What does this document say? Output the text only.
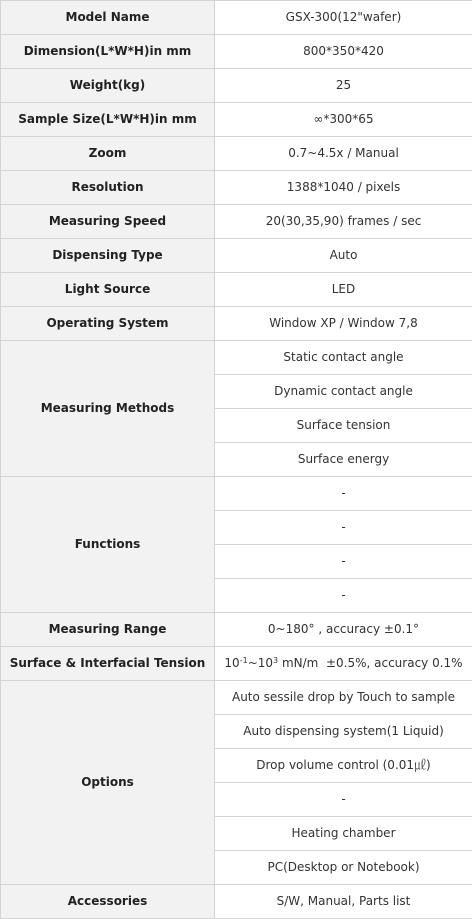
Model Name	GSX-300(12"wafer)
Dimension(L*W*H)in mm	800*350*420
Weight(kg)	25
Sample Size(L*W*H)in mm	∞*300*65
Zoom	0.7~4.5x / Manual
Resolution	1388*1040 / pixels
Measuring Speed	20(30,35,90) frames / sec
Dispensing Type	Auto
Light Source	LED
Operating System	Window XP / Window 7,8
Measuring Methods	Static contact angle
	Dynamic contact angle
	Surface tension
	Surface energy
Functions	-
	-
	-
	-
Measuring Range	0~180° , accuracy ±0.1°
Surface & Interfacial Tension	$10^{-1}\sim 10^3$ mN/m  ±0.5%, accuracy 0.1%
Options	Auto sessile drop by Touch to sample
	Auto dispensing system(1 Liquid)
	Drop volume control (0.01㎕)
	-
	Heating chamber
	PC(Desktop or Notebook)
Accessories	S/W, Manual, Parts list
